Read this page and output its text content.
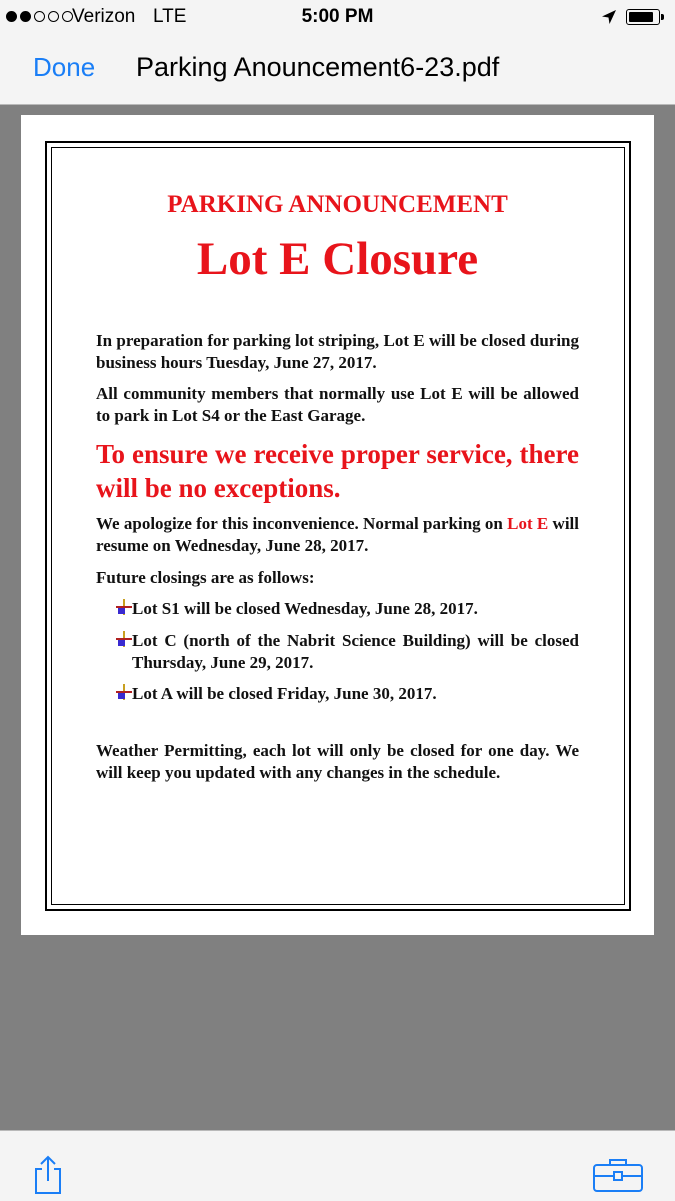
Verizon LTE	5:00 PM
Done Parking Anouncement6-23.pdf
PARKING ANNOUNCEMENT
Lot E Closure
In preparation for parking lot striping, Lot E will be closed during business hours Tuesday, June 27, 2017.
All community members that normally use Lot E will be allowed to park in Lot S4 or the East Garage.
To ensure we receive proper service, there will be no exceptions.
We apologize for this inconvenience. Normal parking on Lot E will resume on Wednesday, June 28, 2017.
Future closings are as follows:
Lot S1 will be closed Wednesday, June 28, 2017.
Lot C (north of the Nabrit Science Building) will be closed Thursday, June 29, 2017.
Lot A will be closed Friday, June 30, 2017.
Weather Permitting, each lot will only be closed for one day. We will keep you updated with any changes in the schedule.
